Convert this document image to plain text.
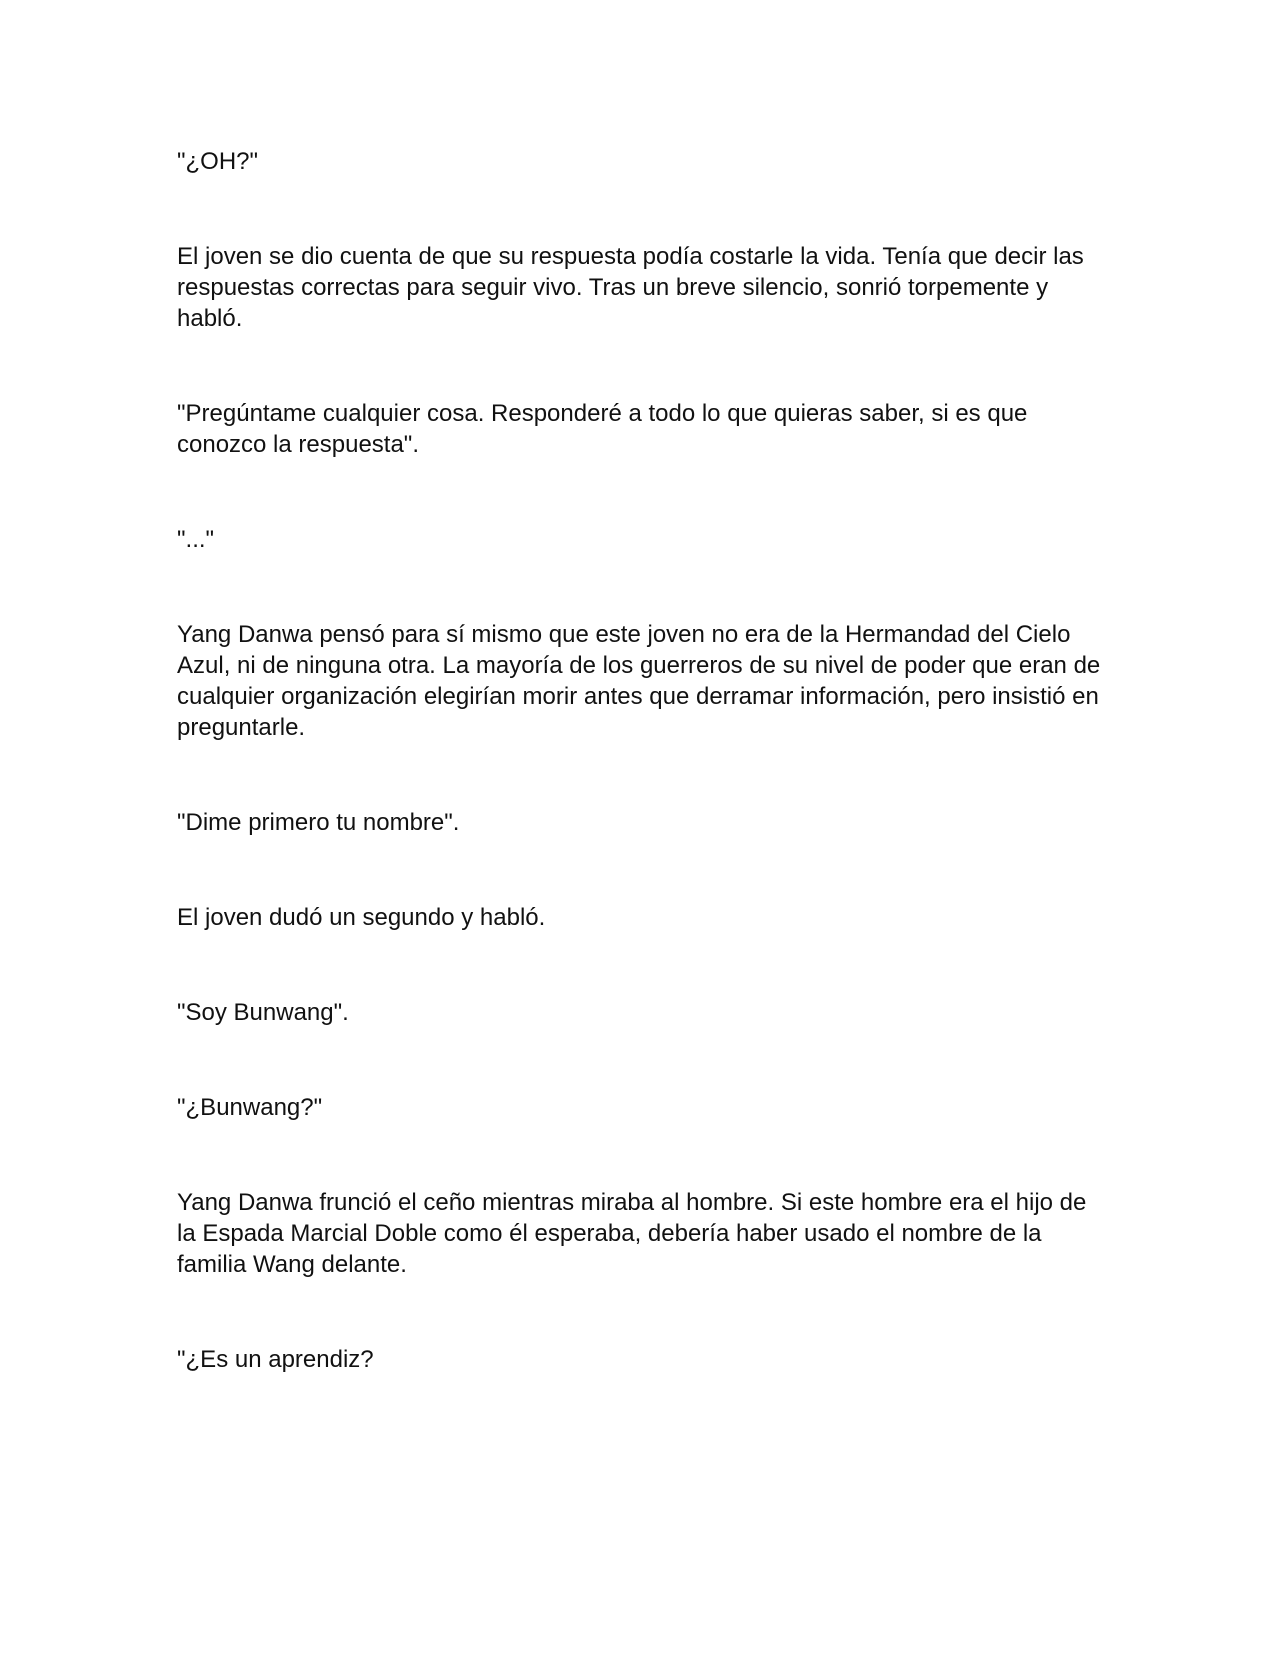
"¿OH?"

El joven se dio cuenta de que su respuesta podía costarle la vida. Tenía que decir las respuestas correctas para seguir vivo. Tras un breve silencio, sonrió torpemente y habló.

"Pregúntame cualquier cosa. Responderé a todo lo que quieras saber, si es que conozco la respuesta".

"..."

Yang Danwa pensó para sí mismo que este joven no era de la Hermandad del Cielo Azul, ni de ninguna otra. La mayoría de los guerreros de su nivel de poder que eran de cualquier organización elegirían morir antes que derramar información, pero insistió en preguntarle.

"Dime primero tu nombre".

El joven dudó un segundo y habló.

"Soy Bunwang".

"¿Bunwang?"

Yang Danwa frunció el ceño mientras miraba al hombre. Si este hombre era el hijo de la Espada Marcial Doble como él esperaba, debería haber usado el nombre de la familia Wang delante.

"¿Es un aprendiz?
